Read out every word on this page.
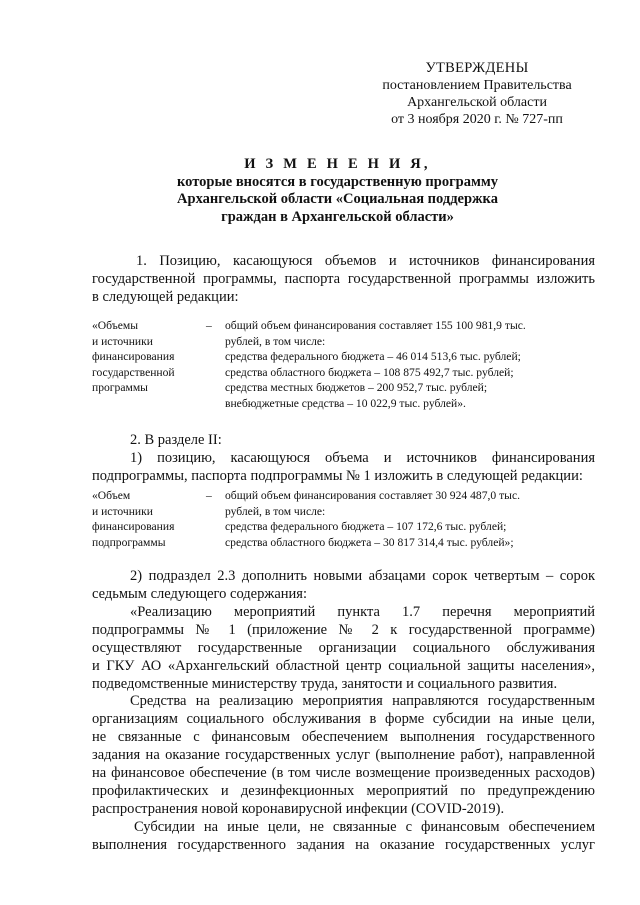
УТВЕРЖДЕНЫ
постановлением Правительства
Архангельской области
от 3 ноября 2020 г. № 727-пп
И З М Е Н Е Н И Я,
которые вносятся в государственную программу
Архангельской области «Социальная поддержка
граждан в Архангельской области»
1. Позицию, касающуюся объемов и источников финансирования
государственной программы, паспорта государственной программы изложить
в следующей редакции:
«Объемы
и источники
финансирования
государственной
программы
– общий объем финансирования составляет 155 100 981,9 тыс.
рублей, в том числе:
средства федерального бюджета – 46 014 513,6 тыс. рублей;
средства областного бюджета – 108 875 492,7 тыс. рублей;
средства местных бюджетов – 200 952,7 тыс. рублей;
внебюджетные средства – 10 022,9 тыс. рублей».
2. В разделе II:
1) позицию, касающуюся объема и источников финансирования
подпрограммы, паспорта подпрограммы № 1 изложить в следующей редакции:
«Объем
и источники
финансирования
подпрограммы
– общий объем финансирования составляет 30 924 487,0 тыс.
рублей, в том числе:
средства федерального бюджета – 107 172,6 тыс. рублей;
средства областного бюджета – 30 817 314,4 тыс. рублей»;
2) подраздел 2.3 дополнить новыми абзацами сорок четвертым – сорок
седьмым следующего содержания:
«Реализацию мероприятий пункта 1.7 перечня мероприятий
подпрограммы № 1 (приложение № 2 к государственной программе)
осуществляют государственные организации социального обслуживания
и ГКУ АО «Архангельский областной центр социальной защиты населения»,
подведомственные министерству труда, занятости и социального развития.
Средства на реализацию мероприятия направляются государственным
организациям социального обслуживания в форме субсидии на иные цели,
не связанные с финансовым обеспечением выполнения государственного
задания на оказание государственных услуг (выполнение работ), направленной
на финансовое обеспечение (в том числе возмещение произведенных расходов)
профилактических и дезинфекционных мероприятий по предупреждению
распространения новой коронавирусной инфекции (COVID-2019).
Субсидии на иные цели, не связанные с финансовым обеспечением
выполнения государственного задания на оказание государственных услуг
